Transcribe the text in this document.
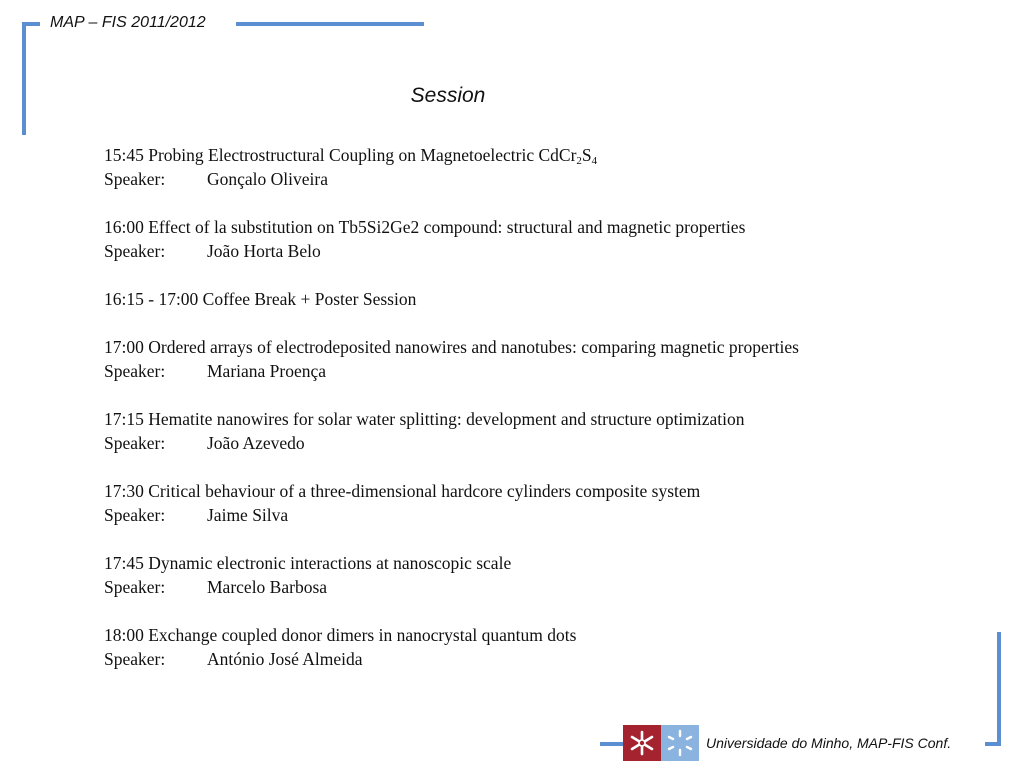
MAP – FIS 2011/2012
Session
15:45 Probing Electrostructural Coupling on Magnetoelectric $CdCr_2S_4$
Speaker: Gonçalo Oliveira
16:00 Effect of la substitution on Tb5Si2Ge2 compound: structural and magnetic properties
Speaker: João Horta Belo
16:15 - 17:00 Coffee Break + Poster Session
17:00 Ordered arrays of electrodeposited nanowires and nanotubes: comparing magnetic properties
Speaker: Mariana Proença
17:15 Hematite nanowires for solar water splitting: development and structure optimization
Speaker: João Azevedo
17:30 Critical behaviour of a three-dimensional hardcore cylinders composite system
Speaker: Jaime Silva
17:45 Dynamic electronic interactions at nanoscopic scale
Speaker: Marcelo Barbosa
18:00 Exchange coupled donor dimers in nanocrystal quantum dots
Speaker: António José Almeida
Universidade do Minho, MAP-FIS Conf.
